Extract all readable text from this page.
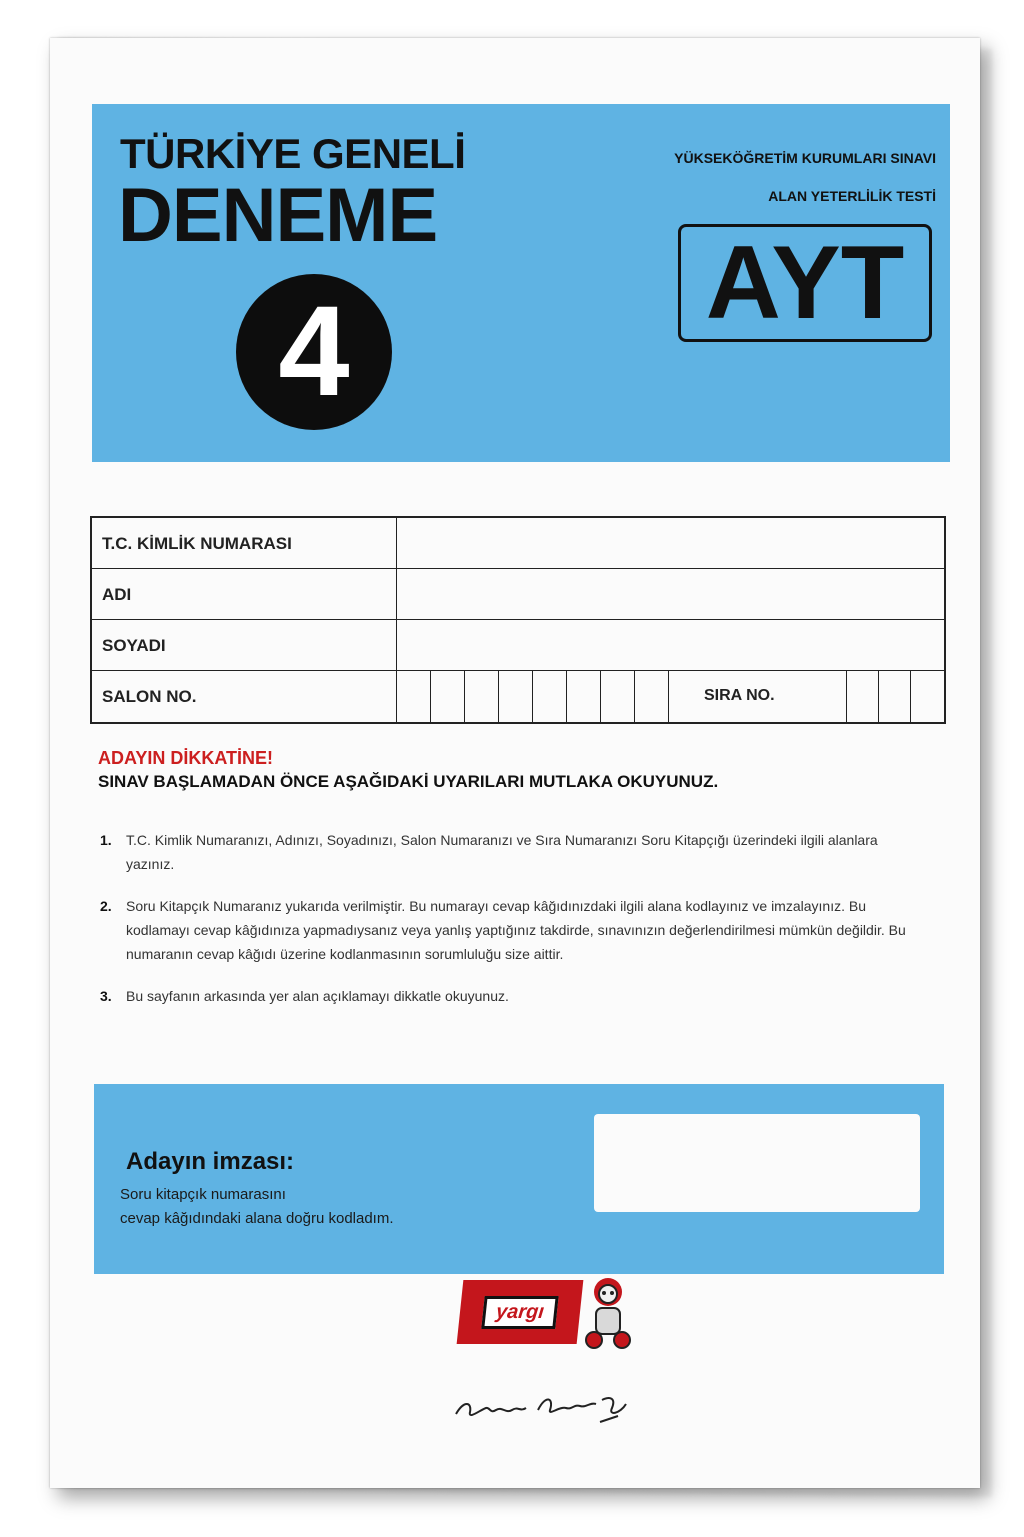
TÜRKİYE GENELİ
DENEME
4
YÜKSEKÖĞRETİM KURUMLARI SINAVI
ALAN YETERLİLİK TESTİ
AYT
T.C. KİMLİK NUMARASI
ADI
SOYADI
SALON NO.	SIRA NO.
ADAYIN DİKKATİNE!
SINAV BAŞLAMADAN ÖNCE AŞAĞIDAKİ UYARILARI MUTLAKA OKUYUNUZ.
1. T.C. Kimlik Numaranızı, Adınızı, Soyadınızı, Salon Numaranızı ve Sıra Numaranızı Soru Kitapçığı üzerindeki ilgili alanlara yazınız.
2. Soru Kitapçık Numaranız yukarıda verilmiştir. Bu numarayı cevap kâğıdınızdaki ilgili alana kodlayınız ve imzalayınız. Bu kodlamayı cevap kâğıdınıza yapmadıysanız veya yanlış yaptığınız takdirde, sınavınızın değerlendirilmesi mümkün değildir. Bu numaranın cevap kâğıdı üzerine kodlanmasının sorumluluğu size aittir.
3. Bu sayfanın arkasında yer alan açıklamayı dikkatle okuyunuz.
Adayın imzası:
Soru kitapçık numarasını
cevap kâğıdındaki alana doğru kodladım.
yargı
